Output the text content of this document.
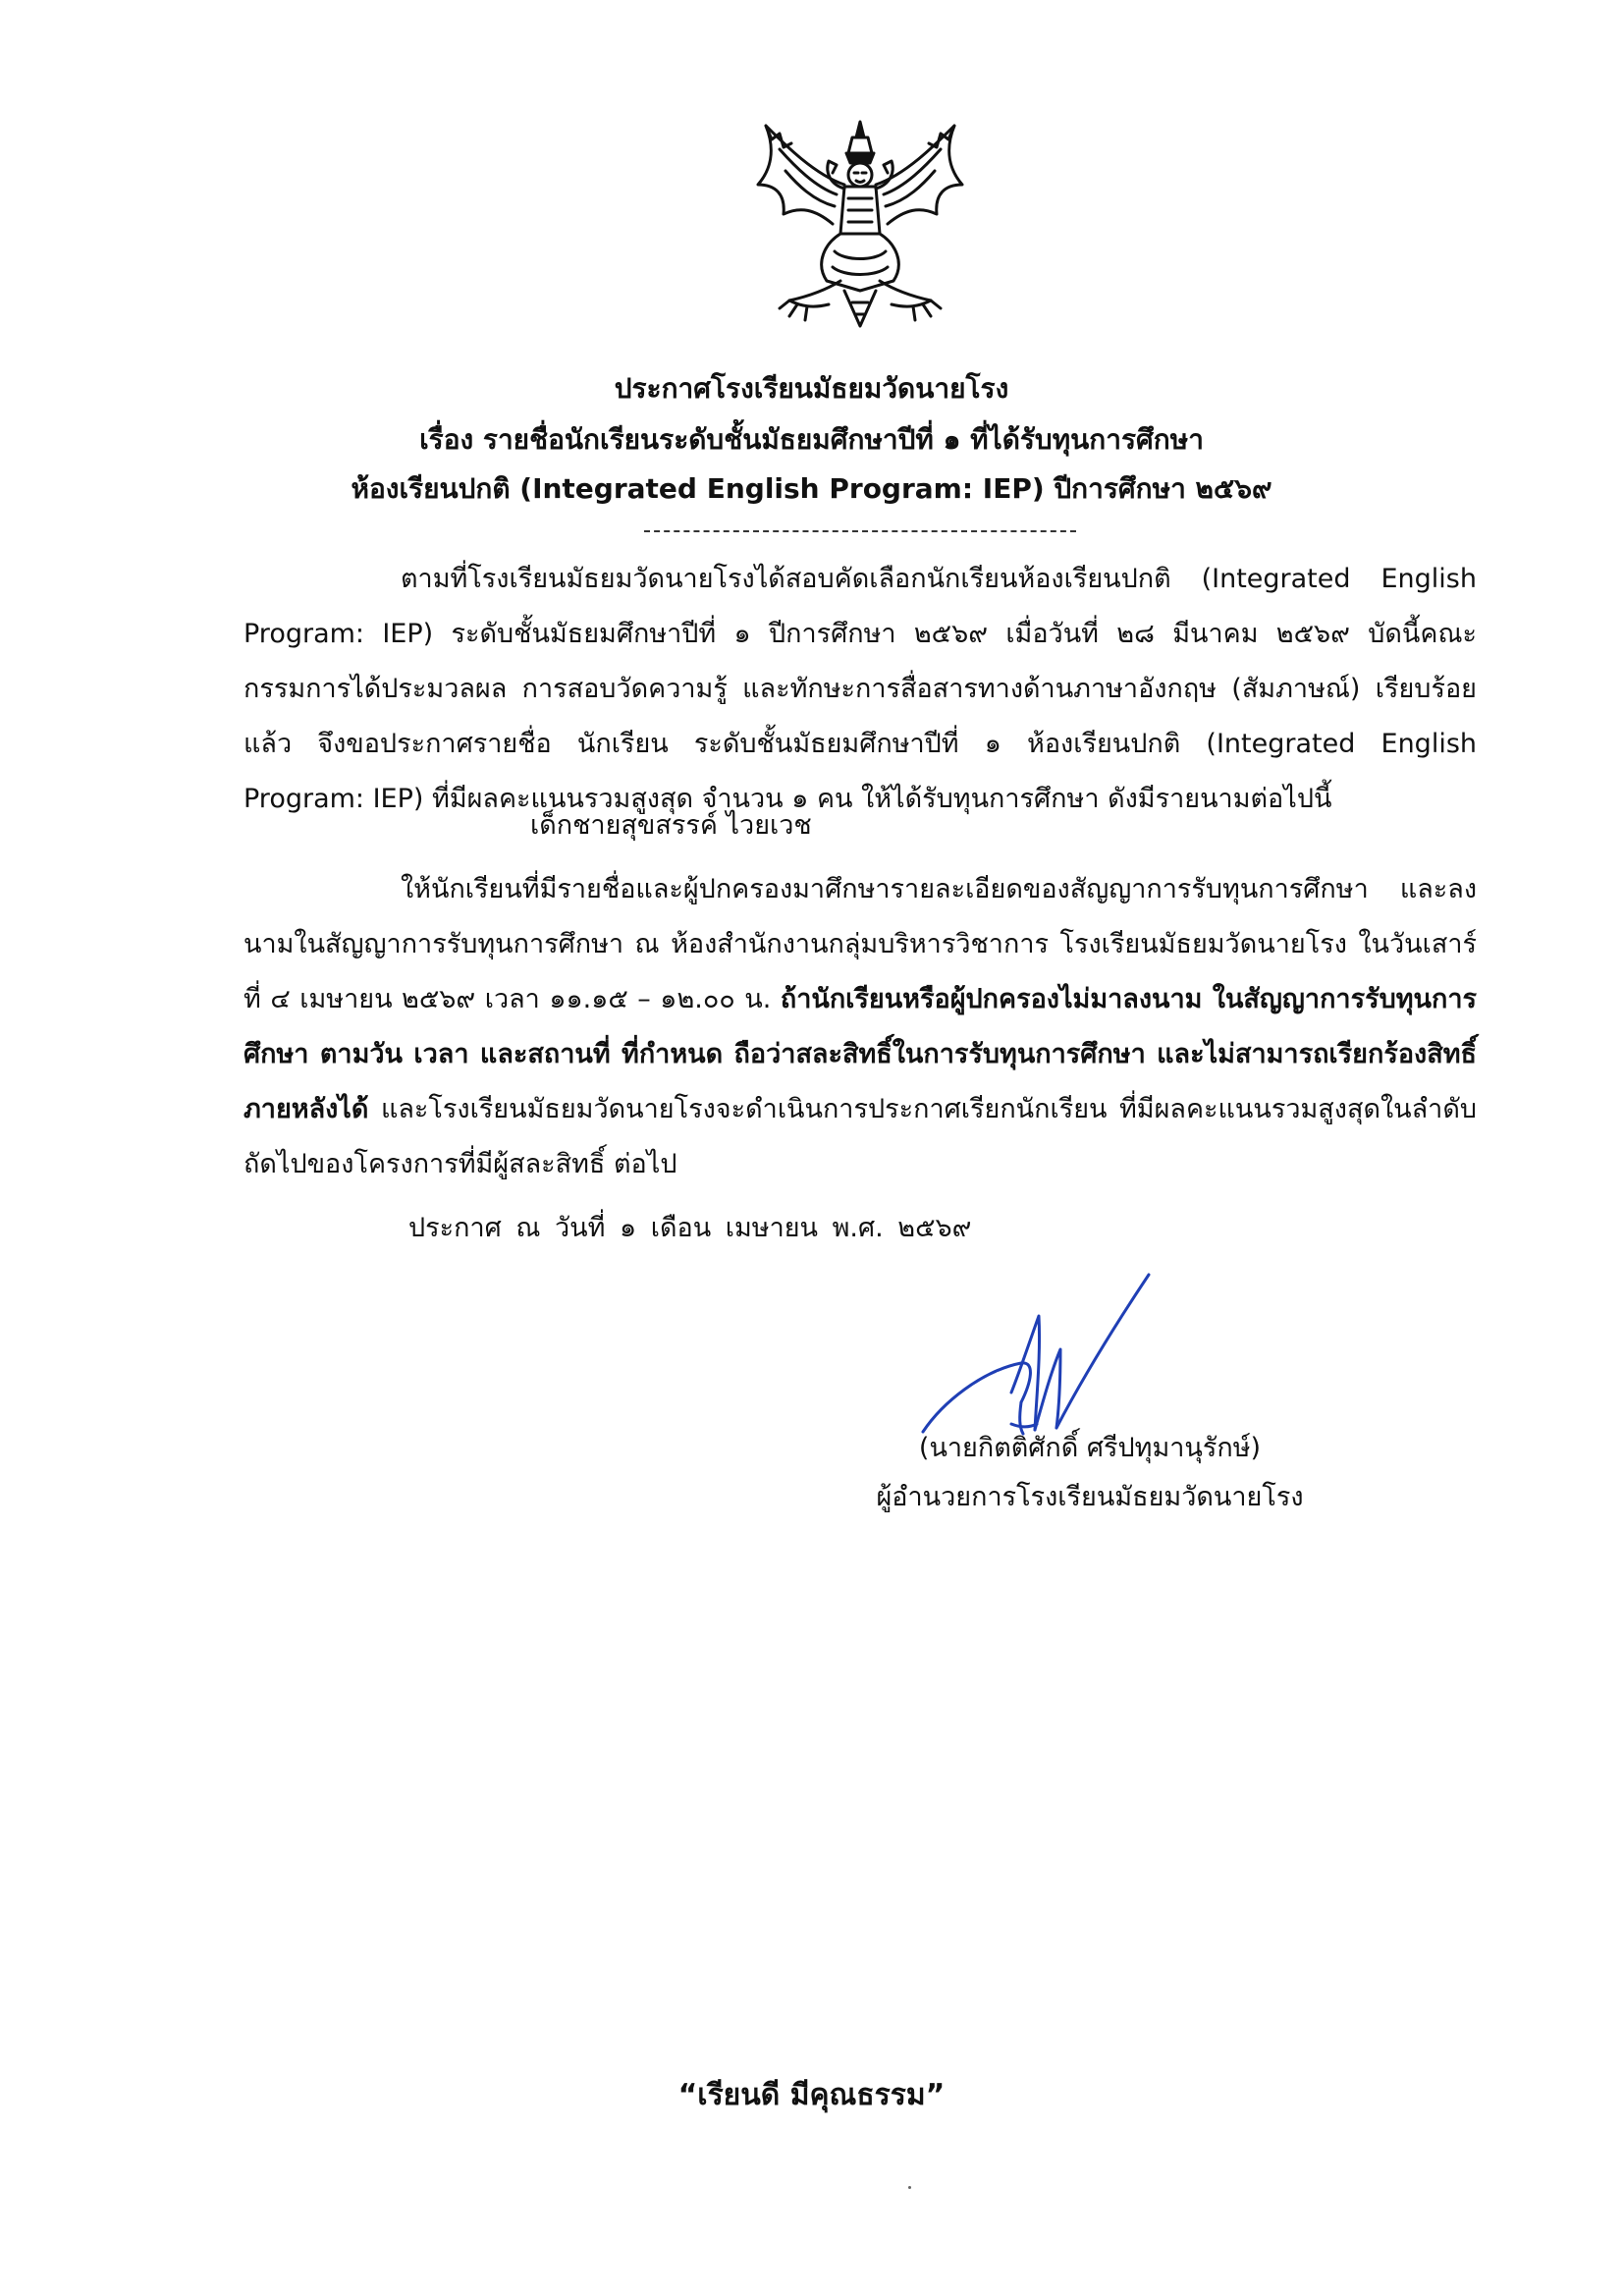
ประกาศโรงเรียนมัธยมวัดนายโรง
เรื่อง รายชื่อนักเรียนระดับชั้นมัธยมศึกษาปีที่ ๑ ที่ได้รับทุนการศึกษา
ห้องเรียนปกติ (Integrated English Program: IEP) ปีการศึกษา ๒๕๖๙
ตามที่โรงเรียนมัธยมวัดนายโรงได้สอบคัดเลือกนักเรียนห้องเรียนปกติ (Integrated English Program: IEP) ระดับชั้นมัธยมศึกษาปีที่ ๑ ปีการศึกษา ๒๕๖๙ เมื่อวันที่ ๒๘ มีนาคม ๒๕๖๙ บัดนี้คณะกรรมการได้ประมวลผล การสอบวัดความรู้ และทักษะการสื่อสารทางด้านภาษาอังกฤษ (สัมภาษณ์) เรียบร้อยแล้ว จึงขอประกาศรายชื่อ นักเรียน ระดับชั้นมัธยมศึกษาปีที่ ๑ ห้องเรียนปกติ (Integrated English Program: IEP) ที่มีผลคะแนนรวมสูงสุด จำนวน ๑ คน ให้ได้รับทุนการศึกษา ดังมีรายนามต่อไปนี้
เด็กชายสุขสรรค์ ไวยเวช
ให้นักเรียนที่มีรายชื่อและผู้ปกครองมาศึกษารายละเอียดของสัญญาการรับทุนการศึกษา และลงนามในสัญญาการรับทุนการศึกษา ณ ห้องสำนักงานกลุ่มบริหารวิชาการ โรงเรียนมัธยมวัดนายโรง ในวันเสาร์ที่ ๔ เมษายน ๒๕๖๙ เวลา ๑๑.๑๕ – ๑๒.๐๐ น. ถ้านักเรียนหรือผู้ปกครองไม่มาลงนาม ในสัญญาการรับทุนการศึกษา ตามวัน เวลา และสถานที่ ที่กำหนด ถือว่าสละสิทธิ์ในการรับทุนการศึกษา และไม่สามารถเรียกร้องสิทธิ์ภายหลังได้ และโรงเรียนมัธยมวัดนายโรงจะดำเนินการประกาศเรียกนักเรียน ที่มีผลคะแนนรวมสูงสุดในลำดับถัดไปของโครงการที่มีผู้สละสิทธิ์ ต่อไป
ประกาศ ณ วันที่ ๑ เดือน เมษายน พ.ศ. ๒๕๖๙
(นายกิตติศักดิ์ ศรีปทุมานุรักษ์)
ผู้อำนวยการโรงเรียนมัธยมวัดนายโรง
“เรียนดี มีคุณธรรม”
